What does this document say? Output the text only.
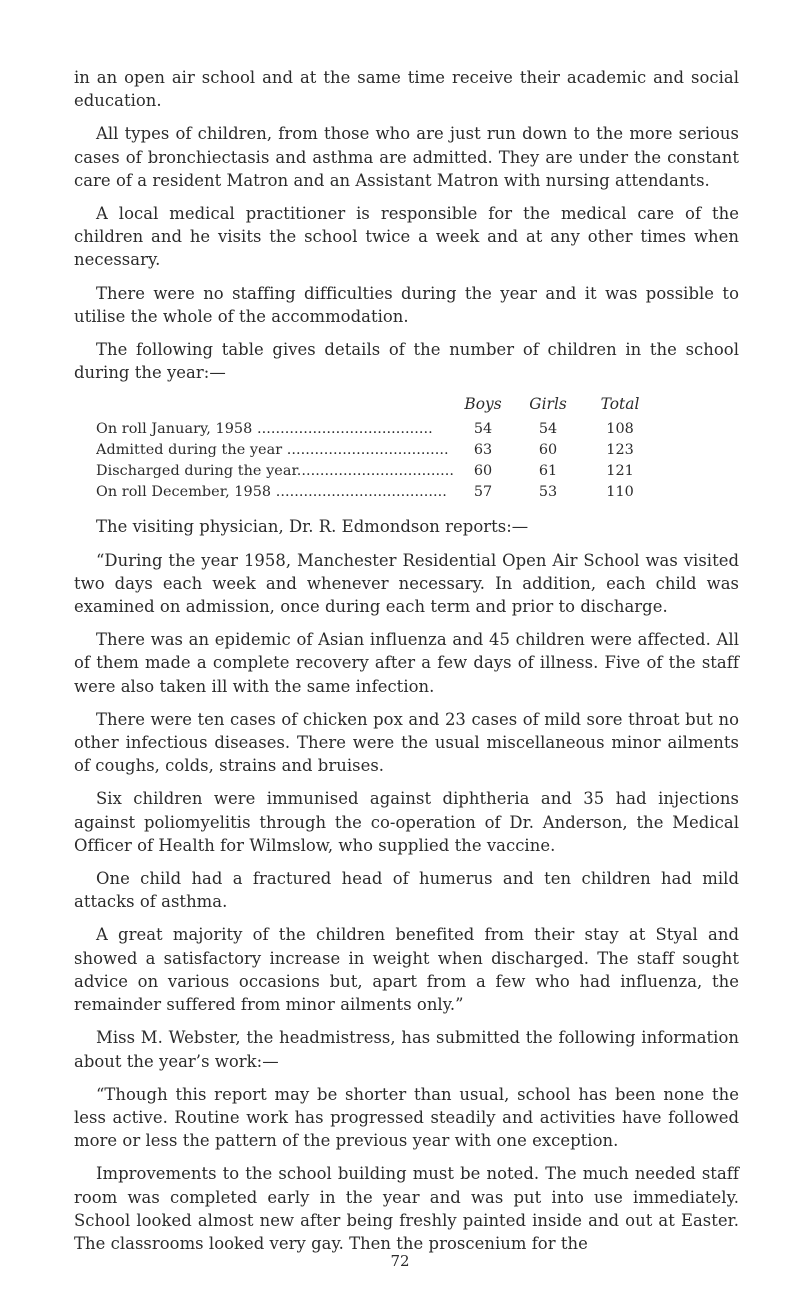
in an open air school and at the same time receive their academic and social education.

All types of children, from those who are just run down to the more serious cases of bronchiectasis and asthma are admitted. They are under the constant care of a resident Matron and an Assistant Matron with nursing attendants.

A local medical practitioner is responsible for the medical care of the children and he visits the school twice a week and at any other times when necessary.

There were no staffing difficulties during the year and it was possible to utilise the whole of the accommodation.

The following table gives details of the number of children in the school during the year:—

	Boys	Girls	Total
On roll January, 1958 ......................................	54	54	108
Admitted during the year ...................................	63	60	123
Discharged during the year..................................	60	61	121
On roll December, 1958 .....................................	57	53	110

The visiting physician, Dr. R. Edmondson reports:—

“During the year 1958, Manchester Residential Open Air School was visited two days each week and whenever necessary. In addition, each child was examined on admission, once during each term and prior to discharge.

There was an epidemic of Asian influenza and 45 children were affected. All of them made a complete recovery after a few days of illness. Five of the staff were also taken ill with the same infection.

There were ten cases of chicken pox and 23 cases of mild sore throat but no other infectious diseases. There were the usual miscellaneous minor ailments of coughs, colds, strains and bruises.

Six children were immunised against diphtheria and 35 had injections against poliomyelitis through the co-operation of Dr. Anderson, the Medical Officer of Health for Wilmslow, who supplied the vaccine.

One child had a fractured head of humerus and ten children had mild attacks of asthma.

A great majority of the children benefited from their stay at Styal and showed a satisfactory increase in weight when discharged. The staff sought advice on various occasions but, apart from a few who had influenza, the remainder suffered from minor ailments only.”

Miss M. Webster, the headmistress, has submitted the following information about the year’s work:—

“Though this report may be shorter than usual, school has been none the less active. Routine work has progressed steadily and activities have followed more or less the pattern of the previous year with one exception.

Improvements to the school building must be noted. The much needed staff room was completed early in the year and was put into use immediately. School looked almost new after being freshly painted inside and out at Easter. The classrooms looked very gay. Then the proscenium for the

72
